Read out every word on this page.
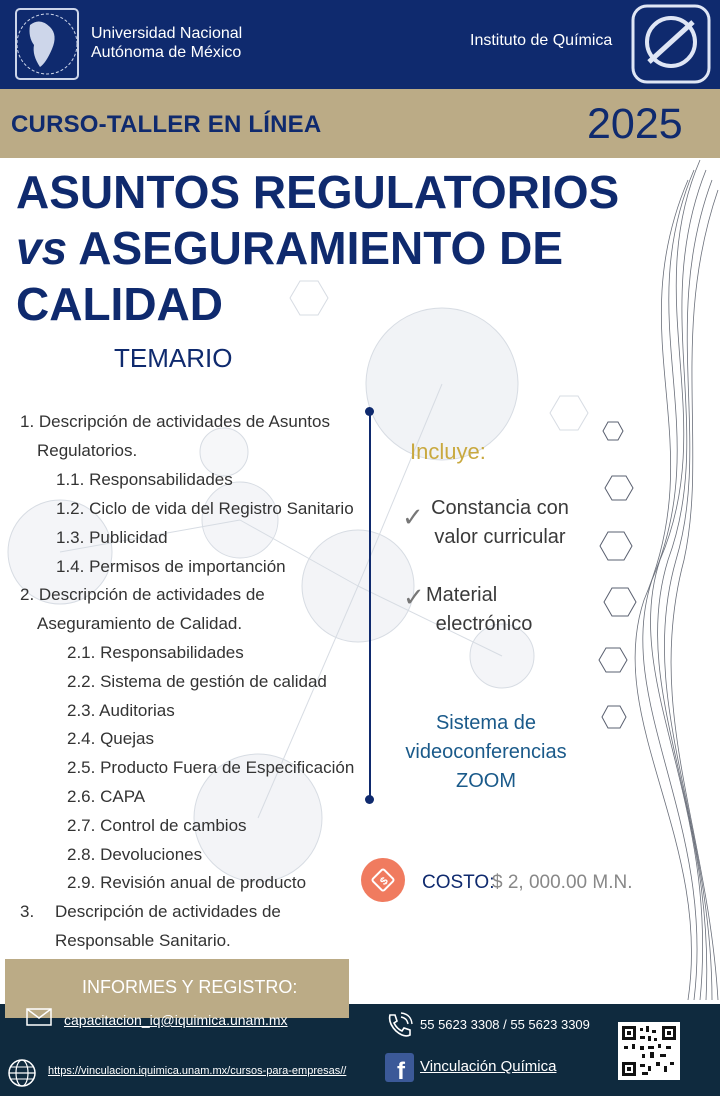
Universidad Nacional
Autónoma de México
Instituto de Química
CURSO-TALLER EN LÍNEA	2025
ASUNTOS REGULATORIOS
vs ASEGURAMIENTO DE
CALIDAD
TEMARIO
1. Descripción de actividades de Asuntos
Regulatorios.
1.1. Responsabilidades
1.2. Ciclo de vida del Registro Sanitario
1.3. Publicidad
1.4. Permisos de importanción
2. Descripción de actividades de
Aseguramiento de Calidad.
2.1. Responsabilidades
2.2. Sistema de gestión de calidad
2.3. Auditorias
2.4. Quejas
2.5. Producto Fuera de Especificación
2.6. CAPA
2.7. Control de cambios
2.8. Devoluciones
2.9. Revisión anual de producto
3. Descripción de actividades de
Responsable Sanitario.
Incluye:
✓ Constancia con
valor curricular
✓ Material
electrónico
Sistema de
videoconferencias
ZOOM
$ COSTO:
$ 2, 000.00 M.N.
INFORMES Y REGISTRO:
capacitacion_iq@iquimica.unam.mx
https://vinculacion.iquimica.unam.mx/cursos-para-empresas//
55 5623 3308 / 55 5623 3309
f Vinculación Química
